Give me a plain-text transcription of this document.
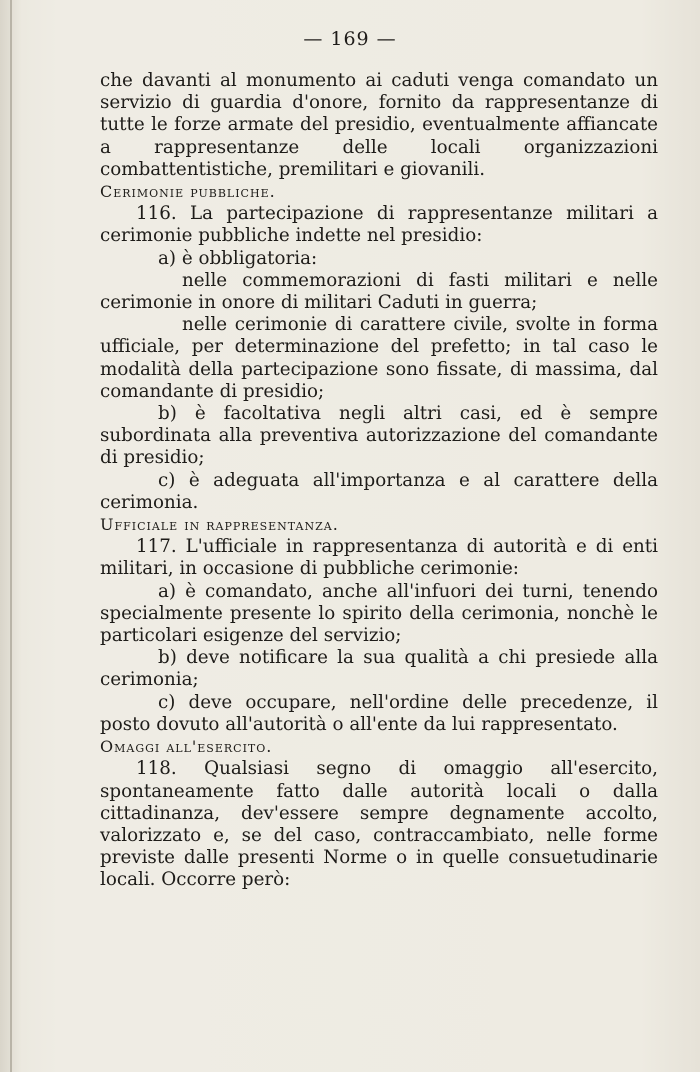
— 169 —

che davanti al monumento ai caduti venga comandato un servizio di guardia d'onore, fornito da rappresentanze di tutte le forze armate del presidio, eventualmente affiancate a rappresentanze delle locali organizzazioni combattentistiche, premilitari e giovanili.

Cerimonie pubbliche.

116. La partecipazione di rappresentanze militari a cerimonie pubbliche indette nel presidio:

a) è obbligatoria:

nelle commemorazioni di fasti militari e nelle cerimonie in onore di militari Caduti in guerra;

nelle cerimonie di carattere civile, svolte in forma ufficiale, per determinazione del prefetto; in tal caso le modalità della partecipazione sono fissate, di massima, dal comandante di presidio;

b) è facoltativa negli altri casi, ed è sempre subordinata alla preventiva autorizzazione del comandante di presidio;

c) è adeguata all'importanza e al carattere della cerimonia.

Ufficiale in rappresentanza.

117. L'ufficiale in rappresentanza di autorità e di enti militari, in occasione di pubbliche cerimonie:

a) è comandato, anche all'infuori dei turni, tenendo specialmente presente lo spirito della cerimonia, nonchè le particolari esigenze del servizio;

b) deve notificare la sua qualità a chi presiede alla cerimonia;

c) deve occupare, nell'ordine delle precedenze, il posto dovuto all'autorità o all'ente da lui rappresentato.

Omaggi all'esercito.

118. Qualsiasi segno di omaggio all'esercito, spontaneamente fatto dalle autorità locali o dalla cittadinanza, dev'essere sempre degnamente accolto, valorizzato e, se del caso, contraccambiato, nelle forme previste dalle presenti Norme o in quelle consuetudinarie locali. Occorre però:
